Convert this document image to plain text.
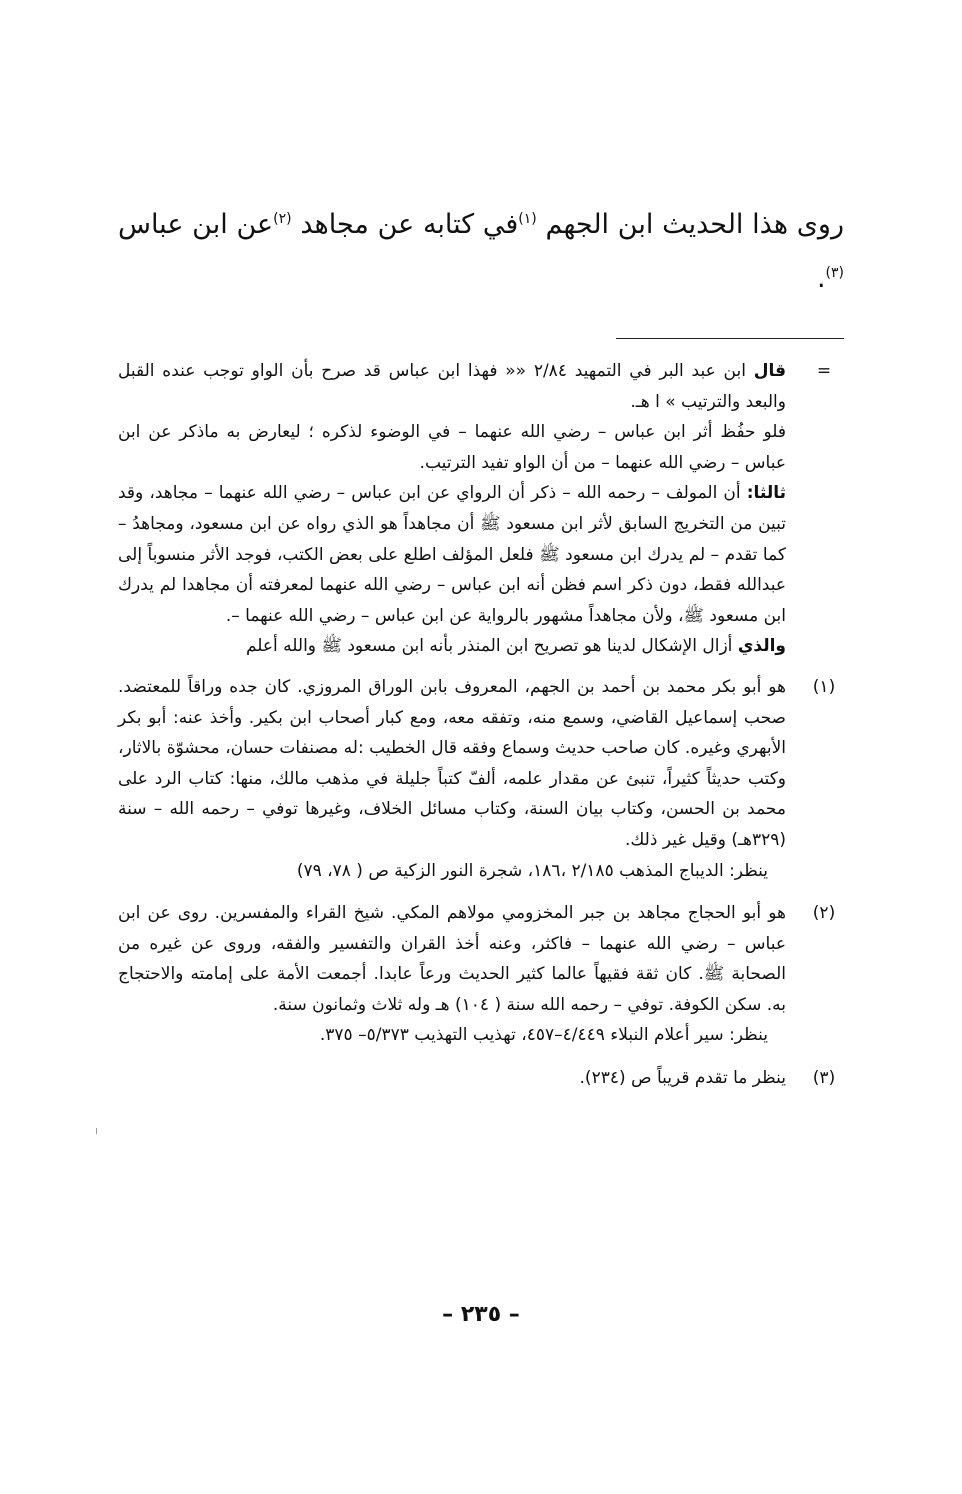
روى هذا الحديث ابن الجهم $^{(١)}$في كتابه عن مجاهد $^{(٢)}$عن ابن عباس $^{(٣)}$.

=

قال ابن عبد البر في التمهيد ٢/٨٤ «« فهذا ابن عباس قد صرح بأن الواو توجب عنده القبل والبعد والترتيب » ا هـ.

فلو حفُظ أثر ابن عباس – رضي الله عنهما – في الوضوء لذكره ؛ ليعارض به ماذكر عن ابن عباس – رضي الله عنهما – من أن الواو تفيد الترتيب.

ثالثا: أن المولف – رحمه الله – ذكر أن الرواي عن ابن عباس – رضي الله عنهما – مجاهد، وقد تبين من التخريج السابق لأثر ابن مسعود ﷺ أن مجاهداً هو الذي رواه عن ابن مسعود، ومجاهدُ – كما تقدم – لم يدرك ابن مسعود ﷺ فلعل المؤلف اطلع على بعض الكتب، فوجد الأثر منسوباً إلى عبدالله فقط، دون ذكر اسم فظن أنه ابن عباس – رضي الله عنهما لمعرفته أن مجاهدا لم يدرك ابن مسعود ﷺ، ولأن مجاهداً مشهور بالرواية عن ابن عباس – رضي الله عنهما –.

والذي أزال الإشكال لدينا هو تصريح ابن المنذر بأنه ابن مسعود ﷺ والله أعلم

(١)

هو أبو بكر محمد بن أحمد بن الجهم، المعروف بابن الوراق المروزي. كان جده وراقاً للمعتضد. صحب إسماعيل القاضي، وسمع منه، وتفقه معه، ومع كبار أصحاب ابن بكير. وأخذ عنه: أبو بكر الأبهري وغيره. كان صاحب حديث وسماع وفقه قال الخطيب :له مصنفات حسان، محشوّة بالاثار، وكتب حديثاً كثيراً، تنبئ عن مقدار علمه، ألفّ كتباً جليلة في مذهب مالك، منها: كتاب الرد على محمد بن الحسن، وكتاب بيان السنة، وكتاب مسائل الخلاف، وغيرها توفي – رحمه الله – سنة (٣٢٩هـ) وقيل غير ذلك.

ينظر: الديباج المذهب ٢/١٨٥ ،١٨٦، شجرة النور الزكية ص ( ٧٨، ٧٩)

(٢)

هو أبو الحجاج مجاهد بن جبر المخزومي مولاهم المكي. شيخ القراء والمفسرين. روى عن ابن عباس – رضي الله عنهما – فاكثر، وعنه أخذ القران والتفسير والفقه، وروى عن غيره من الصحابة ﷺ. كان ثقة فقيهاً عالما كثير الحديث ورعاً عابدا. أجمعت الأمة على إمامته والاحتجاج به. سكن الكوفة. توفي – رحمه الله سنة ( ١٠٤) هـ وله ثلاث وثمانون سنة.

ينظر: سير أعلام النبلاء ٤/٤٤٩–٤٥٧، تهذيب التهذيب ٥/٣٧٣– ٣٧٥.

(٣)

ينظر ما تقدم قريباً ص (٢٣٤).

– ٢٣٥ –
